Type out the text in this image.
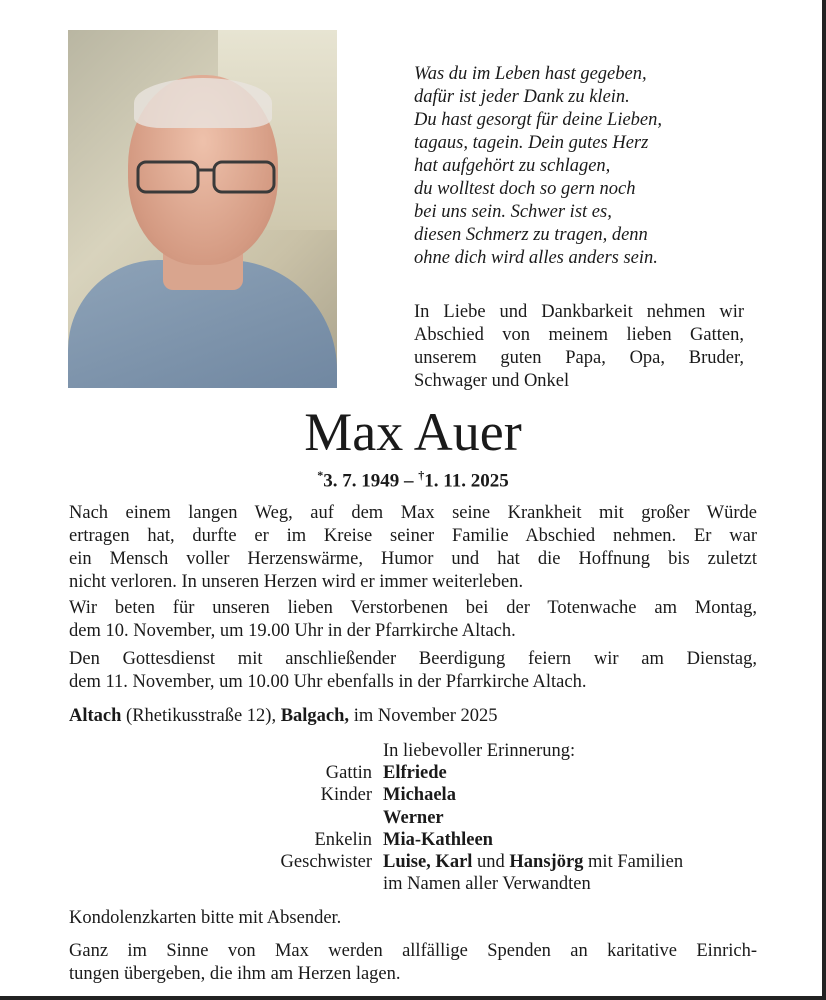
Was du im Leben hast gegeben,
dafür ist jeder Dank zu klein.
Du hast gesorgt für deine Lieben,
tagaus, tagein. Dein gutes Herz
hat aufgehört zu schlagen,
du wolltest doch so gern noch
bei uns sein. Schwer ist es,
diesen Schmerz zu tragen, denn
ohne dich wird alles anders sein.
In Liebe und Dankbarkeit nehmen wir
Abschied von meinem lieben Gatten,
unserem guten Papa, Opa, Bruder,
Schwager und Onkel
Max Auer
*3. 7. 1949 – †1. 11. 2025
Nach einem langen Weg, auf dem Max seine Krankheit mit großer Würde
ertragen hat, durfte er im Kreise seiner Familie Abschied nehmen. Er war
ein Mensch voller Herzenswärme, Humor und hat die Hoffnung bis zuletzt
nicht verloren. In unseren Herzen wird er immer weiterleben.
Wir beten für unseren lieben Verstorbenen bei der Totenwache am Montag,
dem 10. November, um 19.00 Uhr in der Pfarrkirche Altach.
Den Gottesdienst mit anschließender Beerdigung feiern wir am Dienstag,
dem 11. November, um 10.00 Uhr ebenfalls in der Pfarrkirche Altach.
Altach (Rhetikusstraße 12), Balgach, im November 2025
In liebevoller Erinnerung:
Gattin Elfriede
Kinder Michaela
Werner
Enkelin Mia-Kathleen
Geschwister Luise, Karl und Hansjörg mit Familien
im Namen aller Verwandten
Kondolenzkarten bitte mit Absender.
Ganz im Sinne von Max werden allfällige Spenden an karitative Einrich-
tungen übergeben, die ihm am Herzen lagen.
